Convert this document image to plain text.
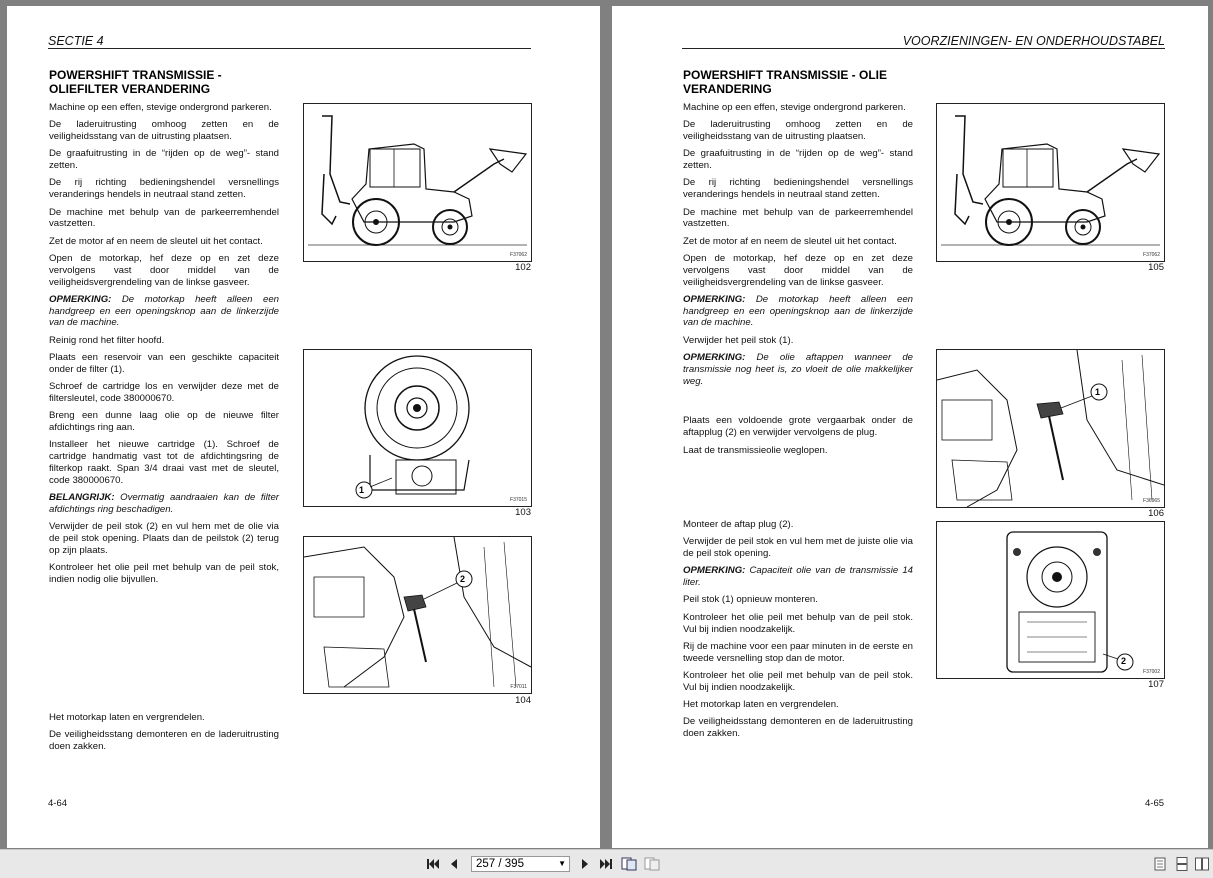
SECTIE 4
POWERSHIFT TRANSMISSIE - OLIEFILTER VERANDERING

Machine op een effen, stevige ondergrond parkeren.

De laderuitrusting omhoog zetten en de veiligheidsstang van de uitrusting plaatsen.

De graafuitrusting in de “rijden op de weg”- stand zetten.

De rij richting bedieningshendel versnellings veranderings hendels in neutraal stand zetten.

De machine met behulp van de parkeerremhendel vastzetten.

Zet de motor af en neem de sleutel uit het contact.

Open de motorkap, hef deze op en zet deze vervolgens vast door middel van de veiligheidsvergrendeling van de linkse gasveer.

OPMERKING: De motorkap heeft alleen een handgreep en een openingsknop aan de linkerzijde van de machine.

Reinig rond het filter hoofd.

Plaats een reservoir van een geschikte capaciteit onder de filter (1).

Schroef de cartridge los en verwijder deze met de filtersleutel, code 380000670.

Breng een dunne laag olie op de nieuwe filter afdichtings ring aan.

Installeer het nieuwe cartridge (1). Schroef de cartridge handmatig vast tot de afdichtingsring de filterkop raakt. Span 3/4 draai vast met de sleutel, code 380000670.

BELANGRIJK: Overmatig aandraaien kan de filter afdichtings ring beschadigen.

Verwijder de peil stok (2) en vul hem met de olie via de peil stok opening. Plaats dan de peilstok (2) terug op zijn plaats.

Kontroleer het olie peil met behulp van de peil stok, indien nodig olie bijvullen.

Het motorkap laten en vergrendelen.

De veiligheidsstang demonteren en de laderuitrusting doen zakken.

F37062
102
1
F37015
103
2
F37011
104
4-64
VOORZIENINGEN- EN ONDERHOUDSTABEL
POWERSHIFT TRANSMISSIE - OLIE VERANDERING

Machine op een effen, stevige ondergrond parkeren.

De laderuitrusting omhoog zetten en de veiligheidsstang van de uitrusting plaatsen.

De graafuitrusting in de “rijden op de weg”- stand zetten.

De rij richting bedieningshendel versnellings veranderings hendels in neutraal stand zetten.

De machine met behulp van de parkeerremhendel vastzetten.

Zet de motor af en neem de sleutel uit het contact.

Open de motorkap, hef deze op en zet deze vervolgens vast door middel van de veiligheidsvergrendeling van de linkse gasveer.

OPMERKING: De motorkap heeft alleen een handgreep en een openingsknop aan de linkerzijde van de machine.

Verwijder het peil stok (1).

OPMERKING: De olie aftappen wanneer de transmissie nog heet is, zo vloeit de olie makkelijker weg.

Plaats een voldoende grote vergaarbak onder de aftapplug (2) en verwijder vervolgens de plug.

Laat de transmissieolie weglopen.

Monteer de aftap plug (2).

Verwijder de peil stok en vul hem met de juiste olie via de peil stok opening.

OPMERKING: Capaciteit olie van de transmissie 14 liter.

Peil stok (1) opnieuw monteren.

Kontroleer het olie peil met behulp van de peil stok. Vul bij indien noodzakelijk.

Rij de machine voor een paar minuten in de eerste en tweede versnelling stop dan de motor.

Kontroleer het olie peil met behulp van de peil stok. Vul bij indien noodzakelijk.

Het motorkap laten en vergrendelen.

De veiligheidsstang demonteren en de laderuitrusting doen zakken.

F37062
105
1
F36965
106
2
F37002
107
4-65
257 / 395	▼
